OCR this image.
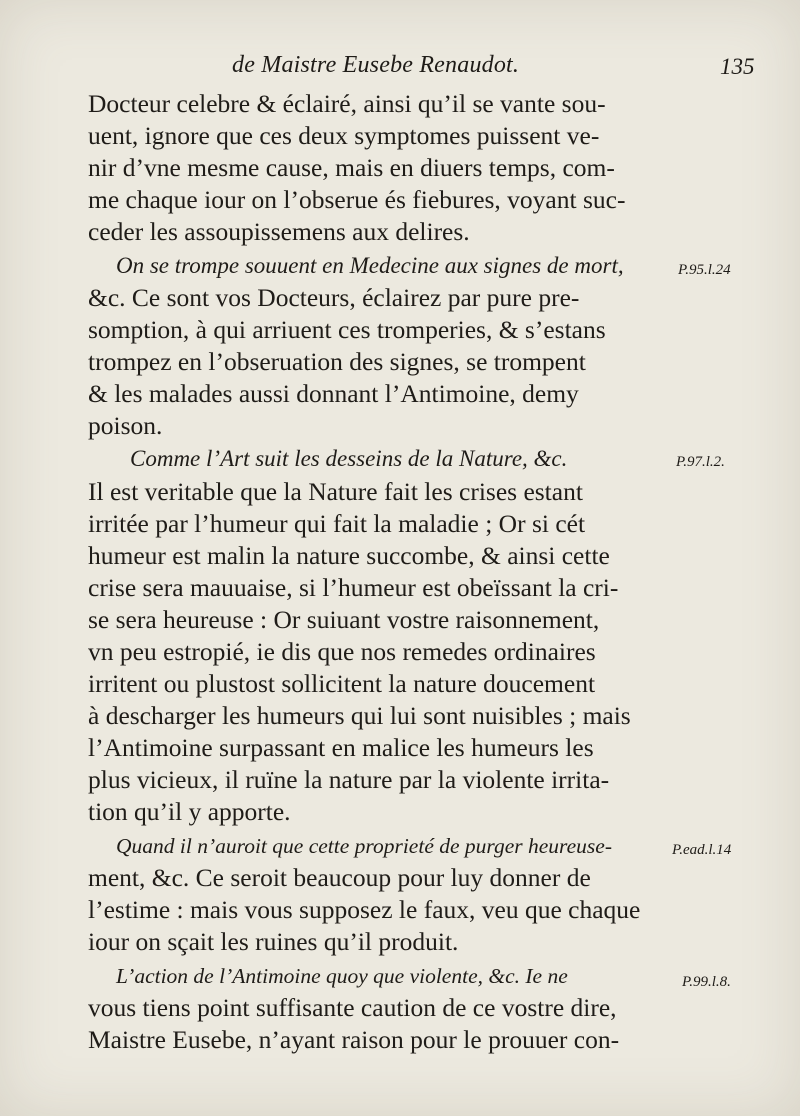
de Maistre Eusebe Renaudot.	135
Docteur celebre & éclairé, ainsi qu’il se vante sou-
uent, ignore que ces deux symptomes puissent ve-
nir d’vne mesme cause, mais en diuers temps, com-
me chaque iour on l’obserue és fiebures, voyant suc-
ceder les assoupissemens aux delires.
On se trompe souuent en Medecine aux signes de mort,
&c. Ce sont vos Docteurs, éclairez par pure pre-
somption, à qui arriuent ces tromperies, & s’estans
trompez en l’obseruation des signes, se trompent
& les malades aussi donnant l’Antimoine, demy
poison.
Comme l’Art suit les desseins de la Nature, &c.
Il est veritable que la Nature fait les crises estant
irritée par l’humeur qui fait la maladie ; Or si cét
humeur est malin la nature succombe, & ainsi cette
crise sera mauuaise, si l’humeur est obeïssant la cri-
se sera heureuse : Or suiuant vostre raisonnement,
vn peu estropié, ie dis que nos remedes ordinaires
irritent ou plustost sollicitent la nature doucement
à descharger les humeurs qui lui sont nuisibles ; mais
l’Antimoine surpassant en malice les humeurs les
plus vicieux, il ruïne la nature par la violente irrita-
tion qu’il y apporte.
Quand il n’auroit que cette proprieté de purger heureuse-
ment, &c. Ce seroit beaucoup pour luy donner de
l’estime : mais vous supposez le faux, veu que chaque
iour on sçait les ruines qu’il produit.
L’action de l’Antimoine quoy que violente, &c. Ie ne
vous tiens point suffisante caution de ce vostre dire,
Maistre Eusebe, n’ayant raison pour le prouuer con-
P.95.l.24
P.97.l.2.
P.ead.l.14
P.99.l.8.
